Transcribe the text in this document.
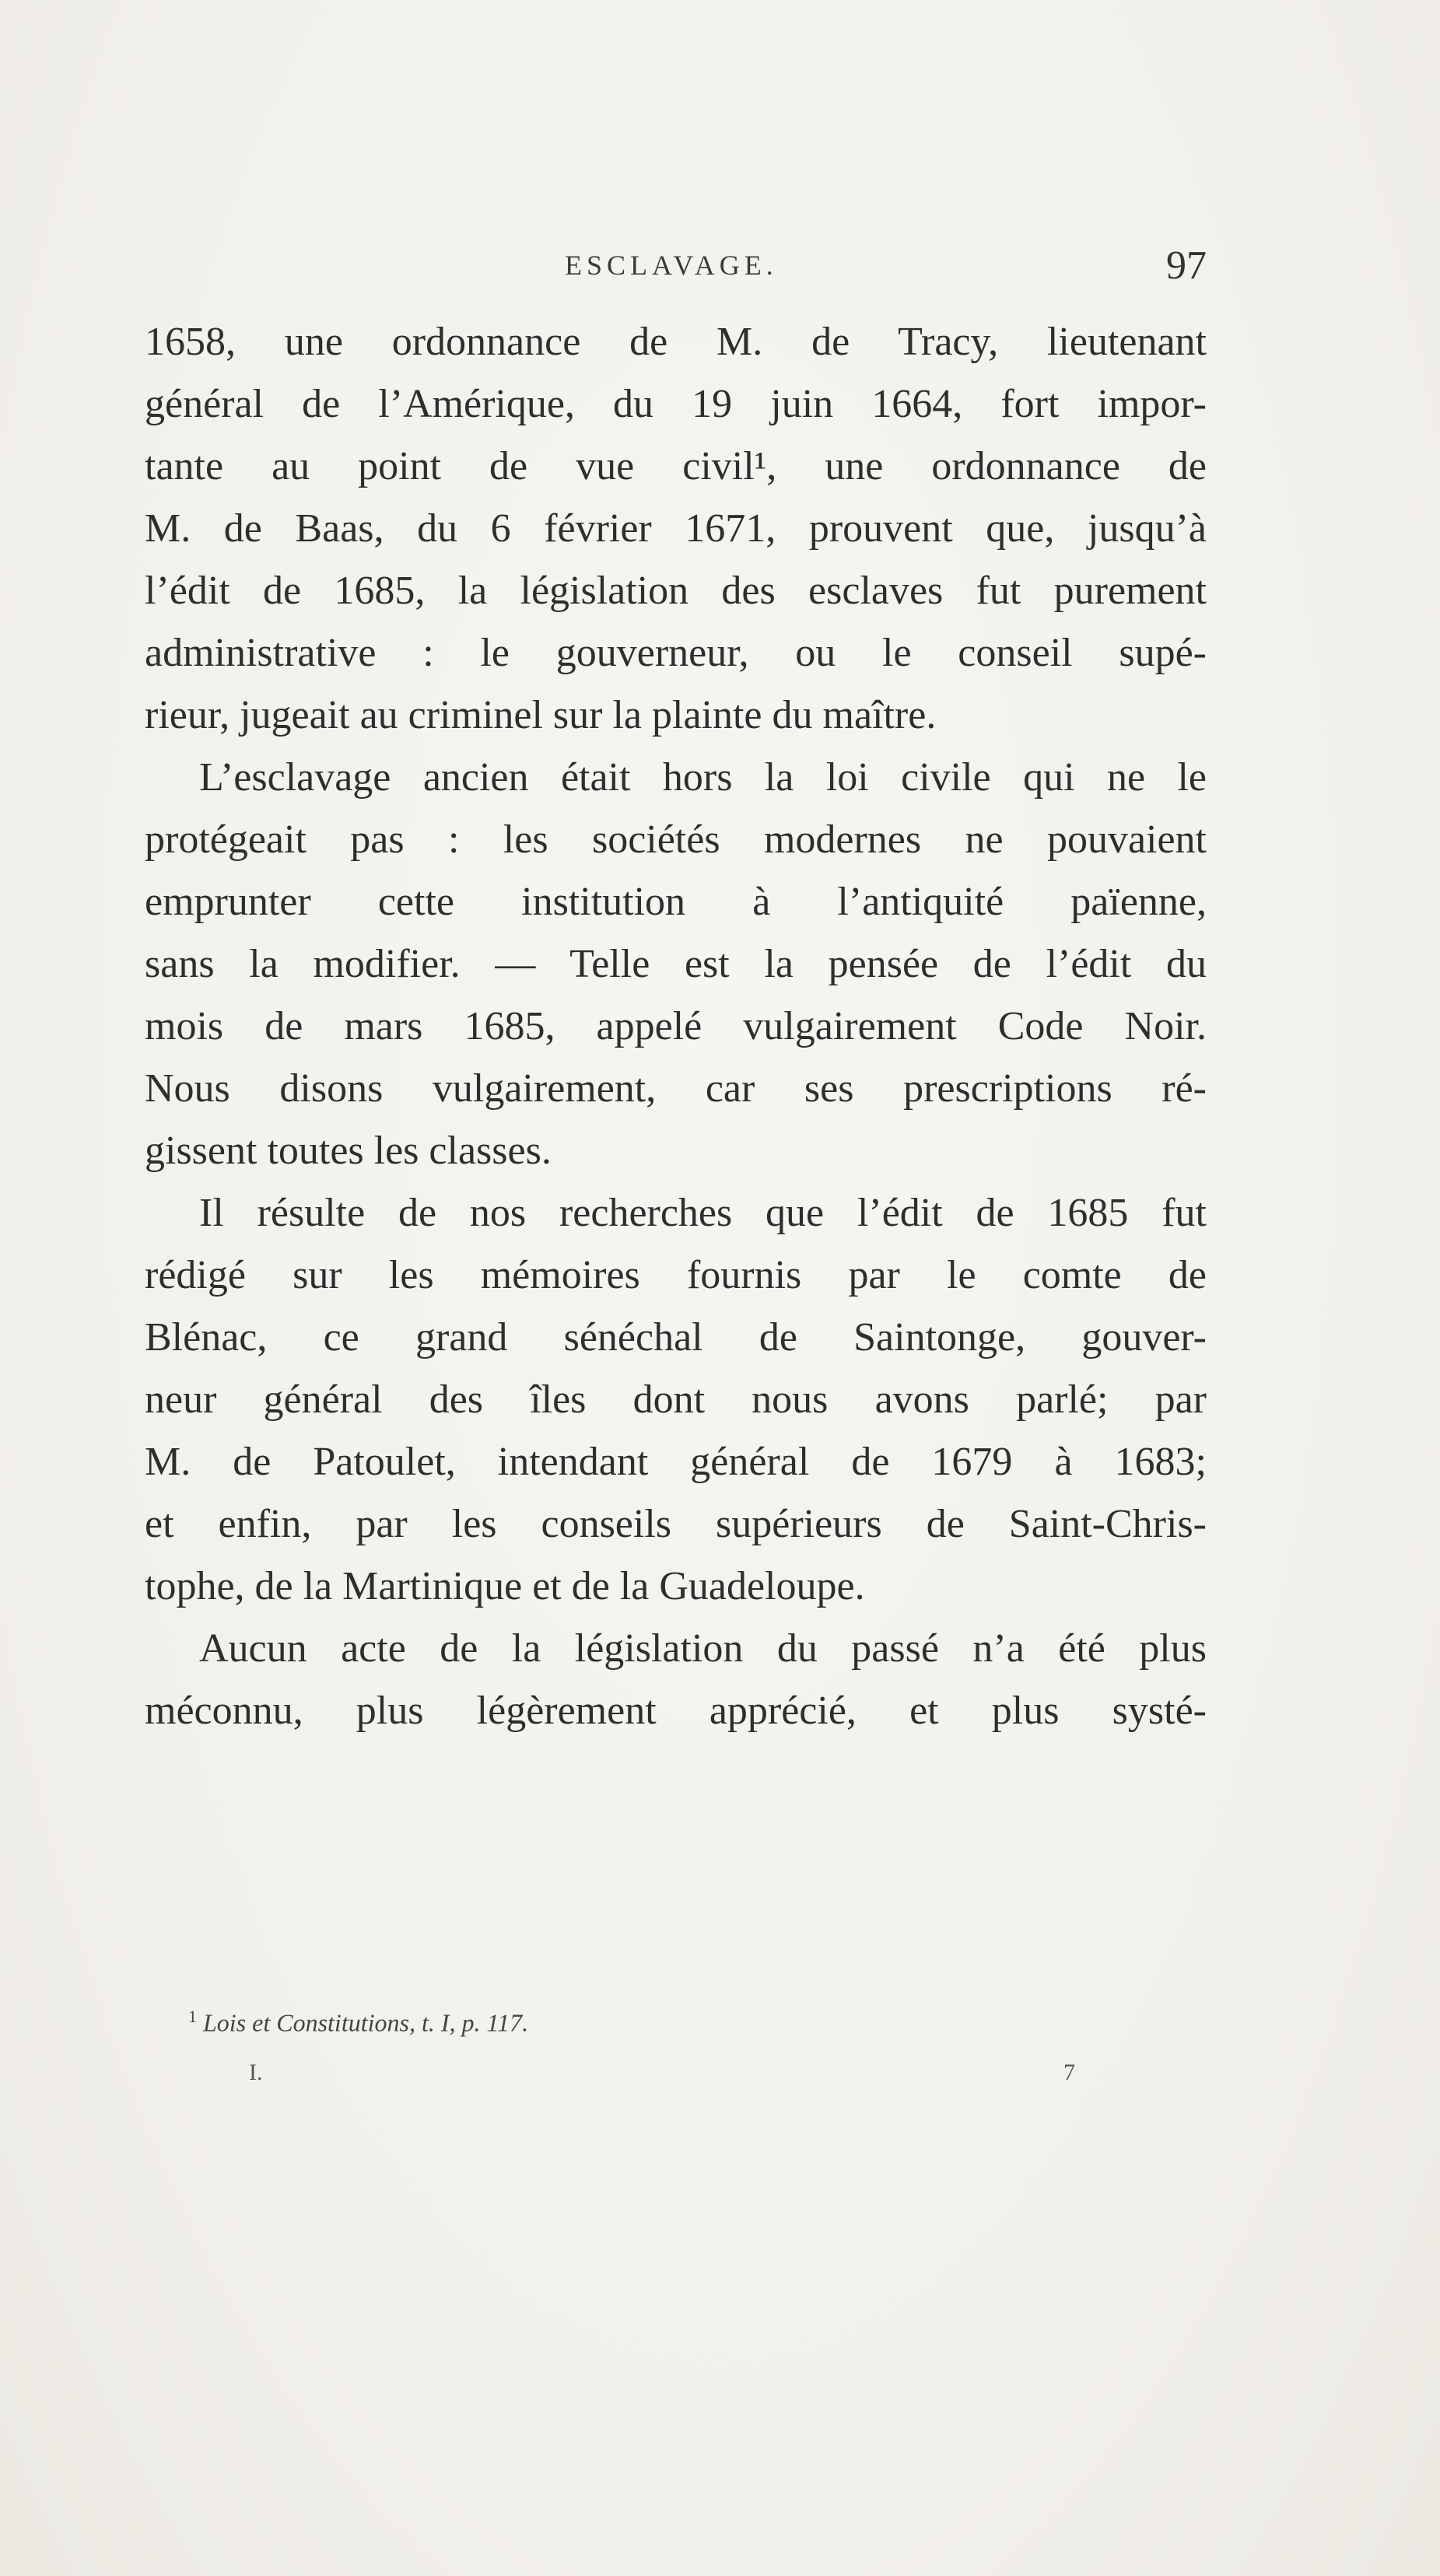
ESCLAVAGE.	97
1658, une ordonnance de M. de Tracy, lieutenant
général de l’Amérique, du 19 juin 1664, fort impor-
tante au point de vue civil¹, une ordonnance de
M. de Baas, du 6 février 1671, prouvent que, jusqu’à
l’édit de 1685, la législation des esclaves fut purement
administrative : le gouverneur, ou le conseil supé-
rieur, jugeait au criminel sur la plainte du maître.
L’esclavage ancien était hors la loi civile qui ne le
protégeait pas : les sociétés modernes ne pouvaient
emprunter cette institution à l’antiquité païenne,
sans la modifier. — Telle est la pensée de l’édit du
mois de mars 1685, appelé vulgairement Code Noir.
Nous disons vulgairement, car ses prescriptions ré-
gissent toutes les classes.
Il résulte de nos recherches que l’édit de 1685 fut
rédigé sur les mémoires fournis par le comte de
Blénac, ce grand sénéchal de Saintonge, gouver-
neur général des îles dont nous avons parlé; par
M. de Patoulet, intendant général de 1679 à 1683;
et enfin, par les conseils supérieurs de Saint-Chris-
tophe, de la Martinique et de la Guadeloupe.
Aucun acte de la législation du passé n’a été plus
méconnu, plus légèrement apprécié, et plus systé-
$^1$ Lois et Constitutions, t. I, p. 117.
I.	7
